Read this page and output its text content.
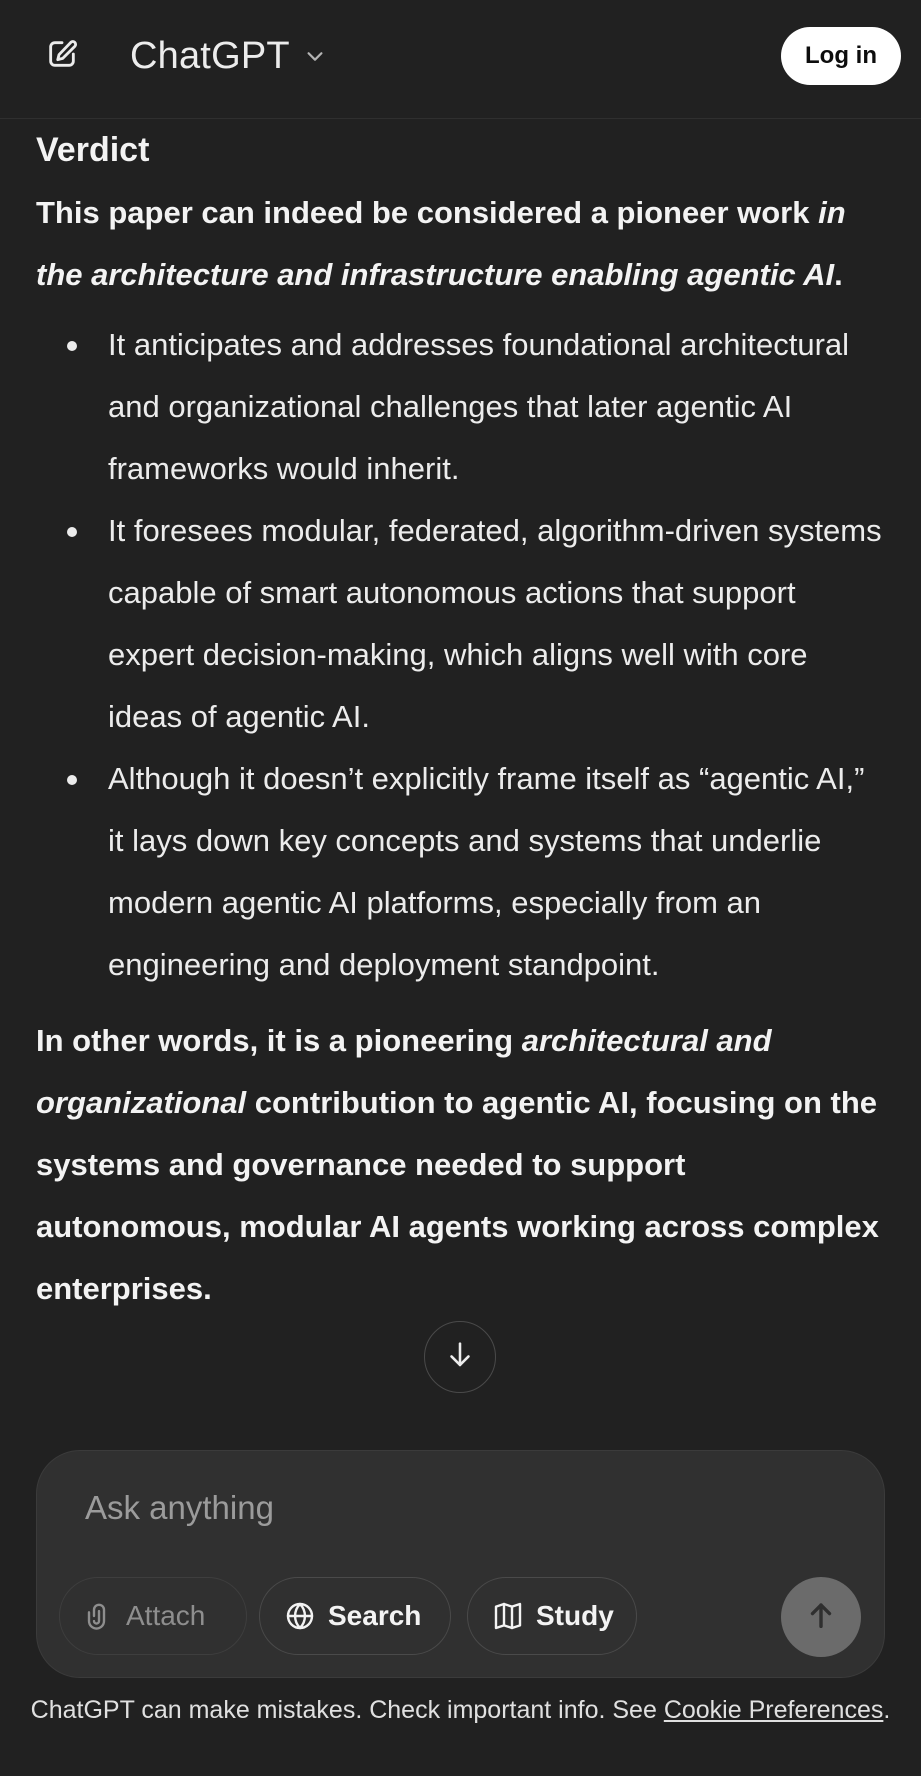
ChatGPT	Log in
Verdict

This paper can indeed be considered a pioneer work in the architecture and infrastructure enabling agentic AI.

It anticipates and addresses foundational architectural and organizational challenges that later agentic AI frameworks would inherit.
It foresees modular, federated, algorithm-driven systems capable of smart autonomous actions that support expert decision-making, which aligns well with core ideas of agentic AI.
Although it doesn’t explicitly frame itself as “agentic AI,” it lays down key concepts and systems that underlie modern agentic AI platforms, especially from an engineering and deployment standpoint.

In other words, it is a pioneering architectural and organizational contribution to agentic AI, focusing on the systems and governance needed to support autonomous, modular AI agents working across complex enterprises.

Ask anything
Attach	Search	Study
ChatGPT can make mistakes. Check important info. See Cookie Preferences.
